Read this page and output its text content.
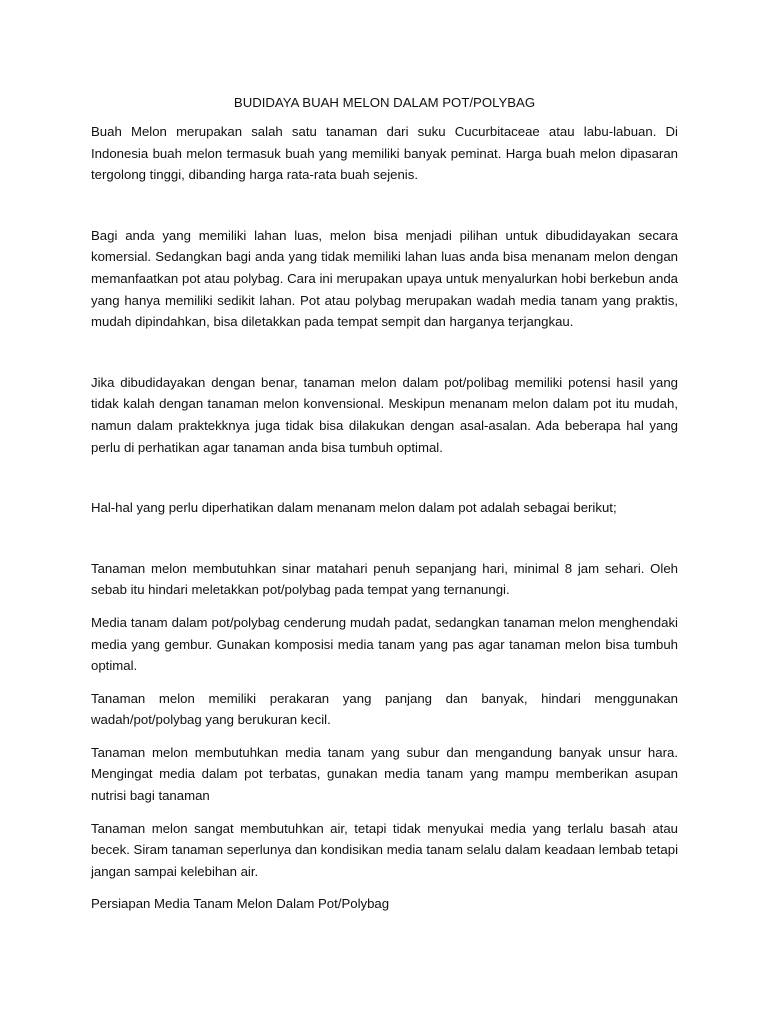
BUDIDAYA BUAH MELON DALAM POT/POLYBAG

Buah Melon merupakan salah satu tanaman dari suku Cucurbitaceae atau labu-labuan. Di Indonesia buah melon termasuk buah yang memiliki banyak peminat. Harga buah melon dipasaran tergolong tinggi, dibanding harga rata-rata buah sejenis.

Bagi anda yang memiliki lahan luas, melon bisa menjadi pilihan untuk dibudidayakan secara komersial. Sedangkan bagi anda yang tidak memiliki lahan luas anda bisa menanam melon dengan memanfaatkan pot atau polybag. Cara ini merupakan upaya untuk menyalurkan hobi berkebun anda yang hanya memiliki sedikit lahan. Pot atau polybag merupakan wadah media tanam yang praktis, mudah dipindahkan, bisa diletakkan pada tempat sempit dan harganya terjangkau.

Jika dibudidayakan dengan benar, tanaman melon dalam pot/polibag memiliki potensi hasil yang tidak kalah dengan tanaman melon konvensional. Meskipun menanam melon dalam pot itu mudah, namun dalam praktekknya juga tidak bisa dilakukan dengan asal-asalan. Ada beberapa hal yang perlu di perhatikan agar tanaman anda bisa tumbuh optimal.

Hal-hal yang perlu diperhatikan dalam menanam melon dalam pot adalah sebagai berikut;

Tanaman melon membutuhkan sinar matahari penuh sepanjang hari, minimal 8 jam sehari. Oleh sebab itu hindari meletakkan pot/polybag pada tempat yang ternanungi.

Media tanam dalam pot/polybag cenderung mudah padat, sedangkan tanaman melon menghendaki media yang gembur. Gunakan komposisi media tanam yang pas agar tanaman melon bisa tumbuh optimal.

Tanaman melon memiliki perakaran yang panjang dan banyak, hindari menggunakan wadah/pot/polybag yang berukuran kecil.

Tanaman melon membutuhkan media tanam yang subur dan mengandung banyak unsur hara. Mengingat media dalam pot terbatas, gunakan media tanam yang mampu memberikan asupan nutrisi bagi tanaman

Tanaman melon sangat membutuhkan air, tetapi tidak menyukai media yang terlalu basah atau becek. Siram tanaman seperlunya dan kondisikan media tanam selalu dalam keadaan lembab tetapi jangan sampai kelebihan air.

Persiapan Media Tanam Melon Dalam Pot/Polybag
